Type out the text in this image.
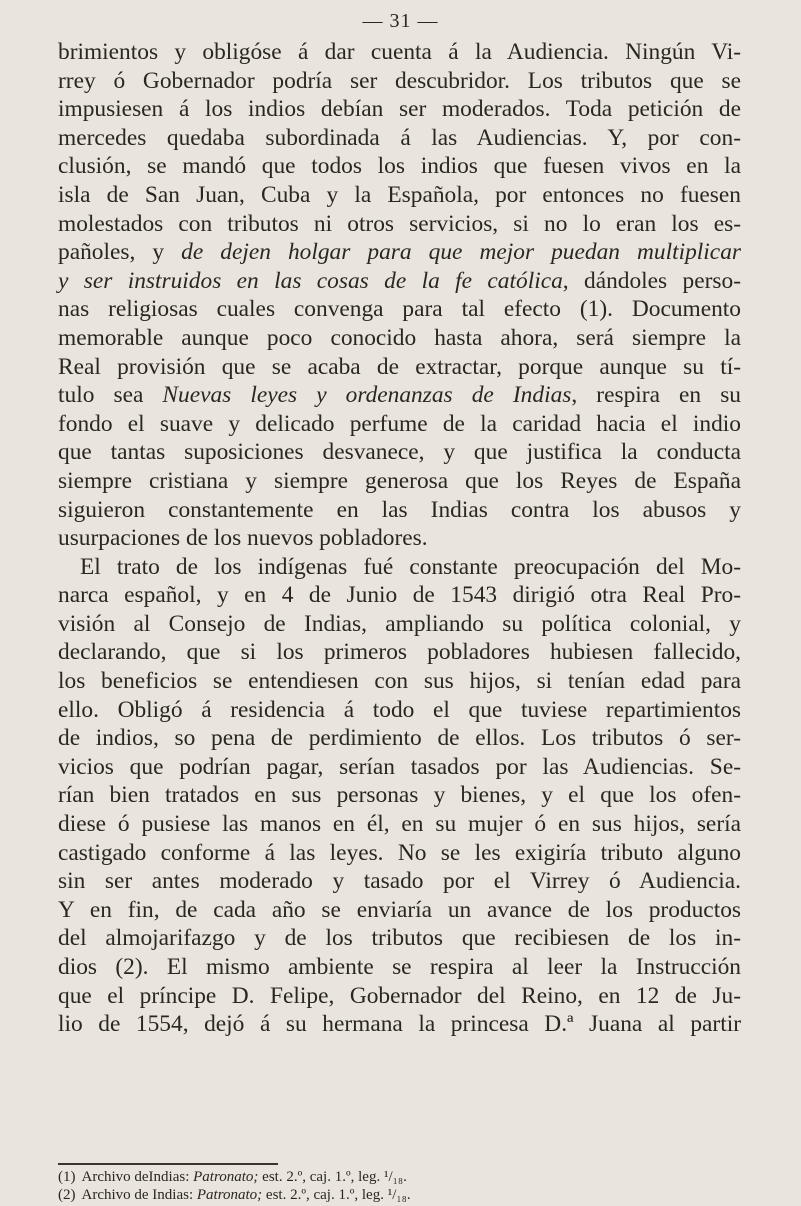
— 31 —
brimientos y obligóse á dar cuenta á la Audiencia. Ningún Vi-
rrey ó Gobernador podría ser descubridor. Los tributos que se
impusiesen á los indios debían ser moderados. Toda petición de
mercedes quedaba subordinada á las Audiencias. Y, por con-
clusión, se mandó que todos los indios que fuesen vivos en la
isla de San Juan, Cuba y la Española, por entonces no fuesen
molestados con tributos ni otros servicios, si no lo eran los es-
pañoles, y de dejen holgar para que mejor puedan multiplicar
y ser instruidos en las cosas de la fe católica, dándoles perso-
nas religiosas cuales convenga para tal efecto (1). Documento
memorable aunque poco conocido hasta ahora, será siempre la
Real provisión que se acaba de extractar, porque aunque su tí-
tulo sea Nuevas leyes y ordenanzas de Indias, respira en su
fondo el suave y delicado perfume de la caridad hacia el indio
que tantas suposiciones desvanece, y que justifica la conducta
siempre cristiana y siempre generosa que los Reyes de España
siguieron constantemente en las Indias contra los abusos y
usurpaciones de los nuevos pobladores.
El trato de los indígenas fué constante preocupación del Mo-
narca español, y en 4 de Junio de 1543 dirigió otra Real Pro-
visión al Consejo de Indias, ampliando su política colonial, y
declarando, que si los primeros pobladores hubiesen fallecido,
los beneficios se entendiesen con sus hijos, si tenían edad para
ello. Obligó á residencia á todo el que tuviese repartimientos
de indios, so pena de perdimiento de ellos. Los tributos ó ser-
vicios que podrían pagar, serían tasados por las Audiencias. Se-
rían bien tratados en sus personas y bienes, y el que los ofen-
diese ó pusiese las manos en él, en su mujer ó en sus hijos, sería
castigado conforme á las leyes. No se les exigiría tributo alguno
sin ser antes moderado y tasado por el Virrey ó Audiencia.
Y en fin, de cada año se enviaría un avance de los productos
del almojarifazgo y de los tributos que recibiesen de los in-
dios (2). El mismo ambiente se respira al leer la Instrucción
que el príncipe D. Felipe, Gobernador del Reino, en 12 de Ju-
lio de 1554, dejó á su hermana la princesa D.ª Juana al partir
(1) Archivo deIndias: Patronato; est. 2.º, caj. 1.º, leg. ¹/₁₈.
(2) Archivo de Indias: Patronato; est. 2.º, caj. 1.º, leg. ¹/₁₈.
